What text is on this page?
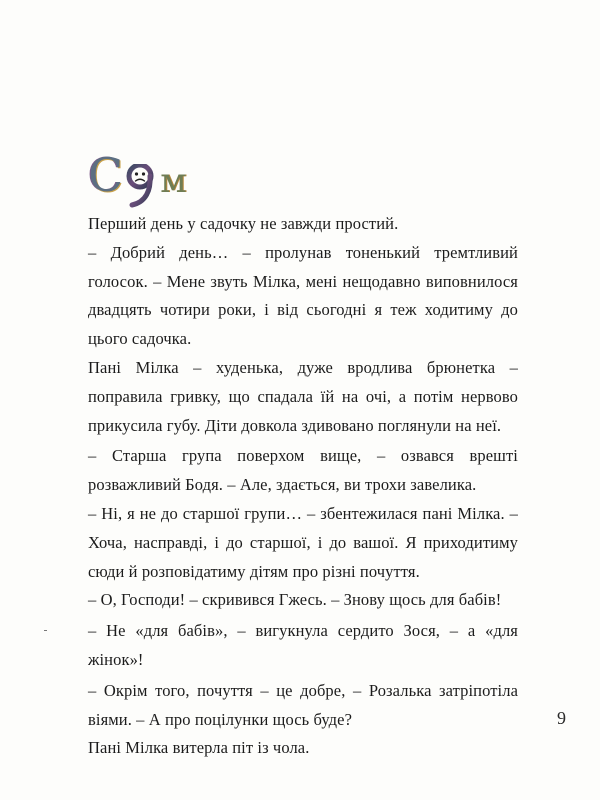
С м

Перший день у садочку не завжди простий.

– Добрий день… – пролунав тоненький тремтливий голосок. – Мене звуть Мілка, мені нещодавно виповнилося двадцять чотири роки, і від сьогодні я теж ходитиму до цього садочка.

Пані Мілка – худенька, дуже вродлива брюнетка – поправила гривку, що спадала їй на очі, а потім нервово прикусила губу. Діти довкола здивовано поглянули на неї.

– Старша група поверхом вище, – озвався врешті розважливий Бодя. – Але, здається, ви трохи завелика.

– Ні, я не до старшої групи… – збентежилася пані Мілка. – Хоча, насправді, і до старшої, і до вашої. Я приходитиму сюди й розповідатиму дітям про різні почуття.

– О, Господи! – скривився Гжесь. – Знову щось для бабів!

– Не «для бабів», – вигукнула сердито Зося, – а «для жінок»!

– Окрім того, почуття – це добре, – Розалька затріпотіла віями. – А про поцілунки щось буде?

Пані Мілка витерла піт із чола.

9
